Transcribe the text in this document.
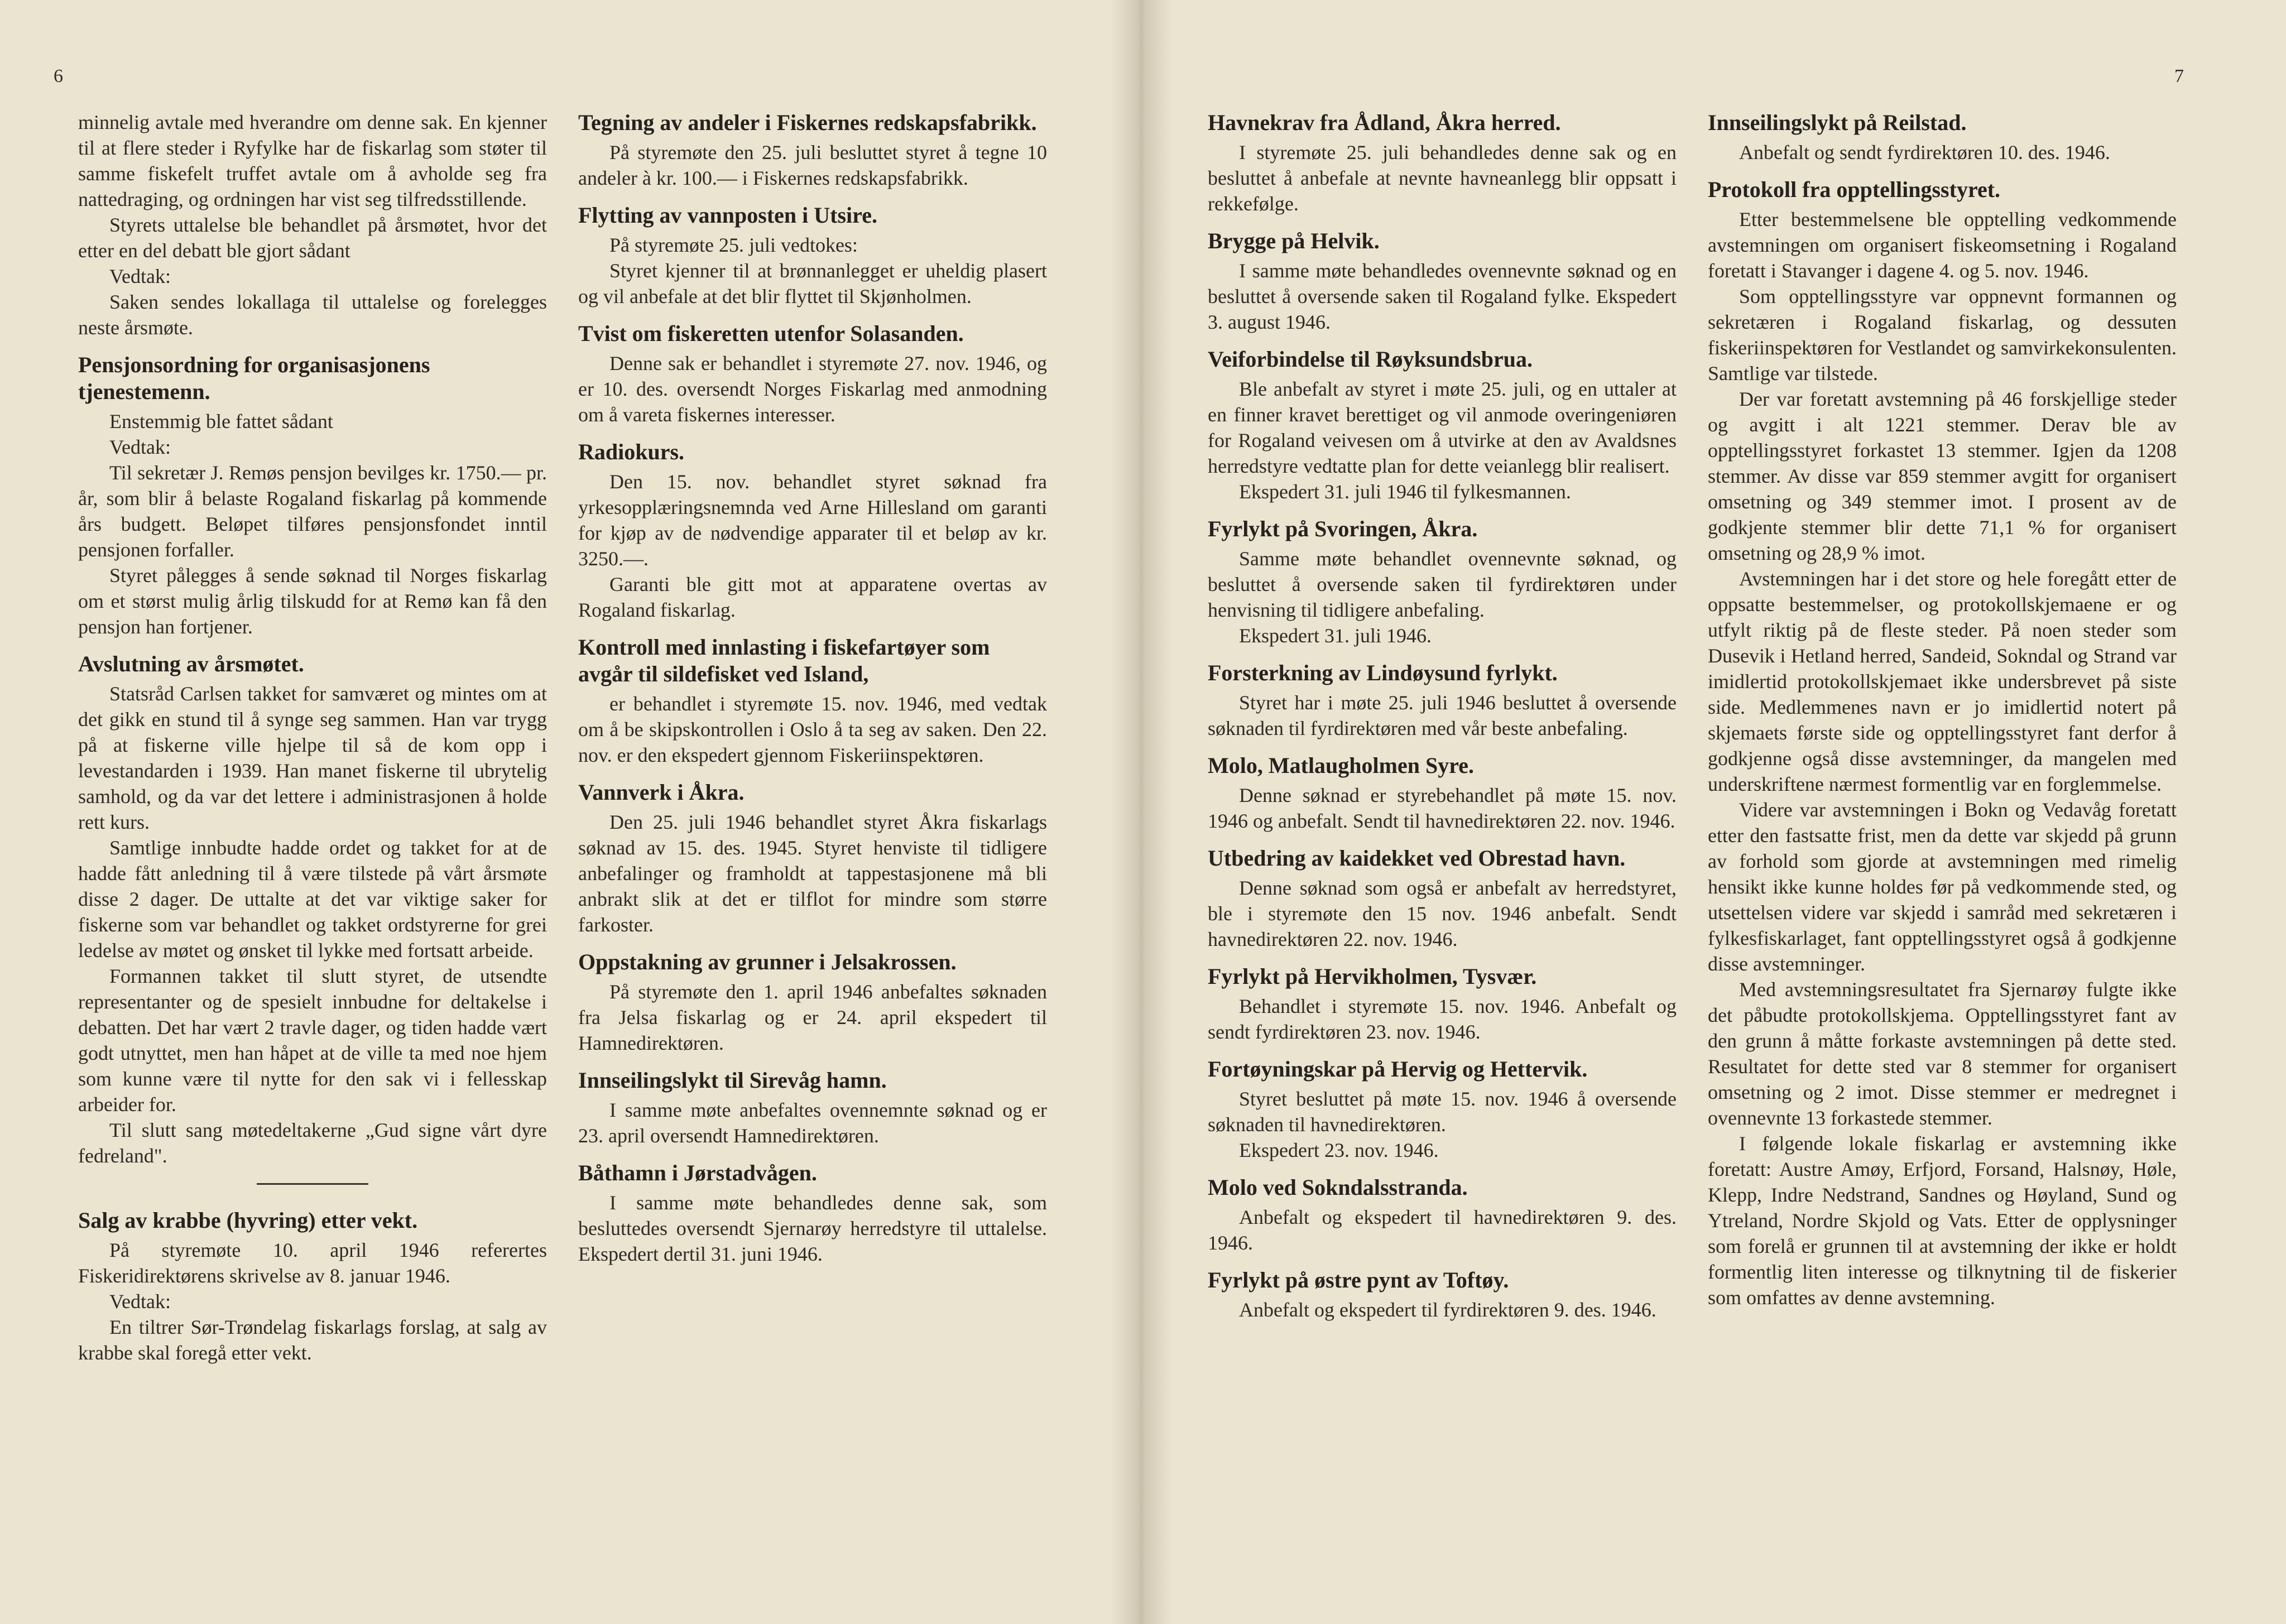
6

minnelig avtale med hverandre om denne sak. En kjenner til at flere steder i Ryfylke har de fiskarlag som støter til samme fiskefelt truffet avtale om å avholde seg fra nattedraging, og ordningen har vist seg tilfredsstillende.

Styrets uttalelse ble behandlet på årsmøtet, hvor det etter en del debatt ble gjort sådant

Vedtak:

Saken sendes lokallaga til uttalelse og forelegges neste årsmøte.

Pensjonsordning for organisasjonens tjenestemenn.

Enstemmig ble fattet sådant

Vedtak:

Til sekretær J. Remøs pensjon bevilges kr. 1750.— pr. år, som blir å belaste Rogaland fiskarlag på kommende års budgett. Beløpet tilføres pensjonsfondet inntil pensjonen forfaller.

Styret pålegges å sende søknad til Norges fiskarlag om et størst mulig årlig tilskudd for at Remø kan få den pensjon han fortjener.

Avslutning av årsmøtet.

Statsråd Carlsen takket for samværet og mintes om at det gikk en stund til å synge seg sammen. Han var trygg på at fiskerne ville hjelpe til så de kom opp i levestandarden i 1939. Han manet fiskerne til ubrytelig samhold, og da var det lettere i administrasjonen å holde rett kurs.

Samtlige innbudte hadde ordet og takket for at de hadde fått anledning til å være tilstede på vårt årsmøte disse 2 dager. De uttalte at det var viktige saker for fiskerne som var behandlet og takket ordstyrerne for grei ledelse av møtet og ønsket til lykke med fortsatt arbeide.

Formannen takket til slutt styret, de utsendte representanter og de spesielt innbudne for deltakelse i debatten. Det har vært 2 travle dager, og tiden hadde vært godt utnyttet, men han håpet at de ville ta med noe hjem som kunne være til nytte for den sak vi i fellesskap arbeider for.

Til slutt sang møtedeltakerne „Gud signe vårt dyre fedreland".

Salg av krabbe (hyvring) etter vekt.

På styremøte 10. april 1946 referertes Fiskeridirektørens skrivelse av 8. januar 1946.

Vedtak:

En tiltrer Sør-Trøndelag fiskarlags forslag, at salg av krabbe skal foregå etter vekt.

Tegning av andeler i Fiskernes redskapsfabrikk.

På styremøte den 25. juli besluttet styret å tegne 10 andeler à kr. 100.— i Fiskernes redskapsfabrikk.

Flytting av vannposten i Utsire.

På styremøte 25. juli vedtokes:

Styret kjenner til at brønnanlegget er uheldig plasert og vil anbefale at det blir flyttet til Skjønholmen.

Tvist om fiskeretten utenfor Solasanden.

Denne sak er behandlet i styremøte 27. nov. 1946, og er 10. des. oversendt Norges Fiskarlag med anmodning om å vareta fiskernes interesser.

Radiokurs.

Den 15. nov. behandlet styret søknad fra yrkesopplæringsnemnda ved Arne Hillesland om garanti for kjøp av de nødvendige apparater til et beløp av kr. 3250.—.

Garanti ble gitt mot at apparatene overtas av Rogaland fiskarlag.

Kontroll med innlasting i fiskefartøyer som avgår til sildefisket ved Island,

er behandlet i styremøte 15. nov. 1946, med vedtak om å be skipskontrollen i Oslo å ta seg av saken. Den 22. nov. er den ekspedert gjennom Fiskeriinspektøren.

Vannverk i Åkra.

Den 25. juli 1946 behandlet styret Åkra fiskarlags søknad av 15. des. 1945. Styret henviste til tidligere anbefalinger og framholdt at tappestasjonene må bli anbrakt slik at det er tilflot for mindre som større farkoster.

Oppstakning av grunner i Jelsakrossen.

På styremøte den 1. april 1946 anbefaltes søknaden fra Jelsa fiskarlag og er 24. april ekspedert til Hamnedirektøren.

Innseilingslykt til Sirevåg hamn.

I samme møte anbefaltes ovennemnte søknad og er 23. april oversendt Hamnedirektøren.

Båthamn i Jørstadvågen.

I samme møte behandledes denne sak, som besluttedes oversendt Sjernarøy herredstyre til uttalelse. Ekspedert dertil 31. juni 1946.

7
Havnekrav fra Ådland, Åkra herred.

I styremøte 25. juli behandledes denne sak og en besluttet å anbefale at nevnte havneanlegg blir oppsatt i rekkefølge.

Brygge på Helvik.

I samme møte behandledes ovennevnte søknad og en besluttet å oversende saken til Rogaland fylke. Ekspedert 3. august 1946.

Veiforbindelse til Røyksundsbrua.

Ble anbefalt av styret i møte 25. juli, og en uttaler at en finner kravet berettiget og vil anmode overingeniøren for Rogaland veivesen om å utvirke at den av Avaldsnes herredstyre vedtatte plan for dette veianlegg blir realisert.

Ekspedert 31. juli 1946 til fylkesmannen.

Fyrlykt på Svoringen, Åkra.

Samme møte behandlet ovennevnte søknad, og besluttet å oversende saken til fyrdirektøren under henvisning til tidligere anbefaling.

Ekspedert 31. juli 1946.

Forsterkning av Lindøysund fyrlykt.

Styret har i møte 25. juli 1946 besluttet å oversende søknaden til fyrdirektøren med vår beste anbefaling.

Molo, Matlaugholmen Syre.

Denne søknad er styrebehandlet på møte 15. nov. 1946 og anbefalt. Sendt til havnedirektøren 22. nov. 1946.

Utbedring av kaidekket ved Obrestad havn.

Denne søknad som også er anbefalt av herredstyret, ble i styremøte den 15 nov. 1946 anbefalt. Sendt havnedirektøren 22. nov. 1946.

Fyrlykt på Hervikholmen, Tysvær.

Behandlet i styremøte 15. nov. 1946. Anbefalt og sendt fyrdirektøren 23. nov. 1946.

Fortøyningskar på Hervig og Hettervik.

Styret besluttet på møte 15. nov. 1946 å oversende søknaden til havnedirektøren.

Ekspedert 23. nov. 1946.

Molo ved Sokndalsstranda.

Anbefalt og ekspedert til havnedirektøren 9. des. 1946.

Fyrlykt på østre pynt av Toftøy.

Anbefalt og ekspedert til fyrdirektøren 9. des. 1946.

Innseilingslykt på Reilstad.

Anbefalt og sendt fyrdirektøren 10. des. 1946.

Protokoll fra opptellingsstyret.

Etter bestemmelsene ble opptelling vedkommende avstemningen om organisert fiskeomsetning i Rogaland foretatt i Stavanger i dagene 4. og 5. nov. 1946.

Som opptellingsstyre var oppnevnt formannen og sekretæren i Rogaland fiskarlag, og dessuten fiskeriinspektøren for Vestlandet og samvirkekonsulenten. Samtlige var tilstede.

Der var foretatt avstemning på 46 forskjellige steder og avgitt i alt 1221 stemmer. Derav ble av opptellingsstyret forkastet 13 stemmer. Igjen da 1208 stemmer. Av disse var 859 stemmer avgitt for organisert omsetning og 349 stemmer imot. I prosent av de godkjente stemmer blir dette 71,1 % for organisert omsetning og 28,9 % imot.

Avstemningen har i det store og hele foregått etter de oppsatte bestemmelser, og protokollskjemaene er og utfylt riktig på de fleste steder. På noen steder som Dusevik i Hetland herred, Sandeid, Sokndal og Strand var imidlertid protokollskjemaet ikke undersbrevet på siste side. Medlemmenes navn er jo imidlertid notert på skjemaets første side og opptellingsstyret fant derfor å godkjenne også disse avstemninger, da mangelen med underskriftene nærmest formentlig var en forglemmelse.

Videre var avstemningen i Bokn og Vedavåg foretatt etter den fastsatte frist, men da dette var skjedd på grunn av forhold som gjorde at avstemningen med rimelig hensikt ikke kunne holdes før på vedkommende sted, og utsettelsen videre var skjedd i samråd med sekretæren i fylkesfiskarlaget, fant opptellingsstyret også å godkjenne disse avstemninger.

Med avstemningsresultatet fra Sjernarøy fulgte ikke det påbudte protokollskjema. Opptellingsstyret fant av den grunn å måtte forkaste avstemningen på dette sted. Resultatet for dette sted var 8 stemmer for organisert omsetning og 2 imot. Disse stemmer er medregnet i ovennevnte 13 forkastede stemmer.

I følgende lokale fiskarlag er avstemning ikke foretatt: Austre Amøy, Erfjord, Forsand, Halsnøy, Høle, Klepp, Indre Nedstrand, Sandnes og Høyland, Sund og Ytreland, Nordre Skjold og Vats. Etter de opplysninger som forelå er grunnen til at avstemning der ikke er holdt formentlig liten interesse og tilknytning til de fiskerier som omfattes av denne avstemning.
